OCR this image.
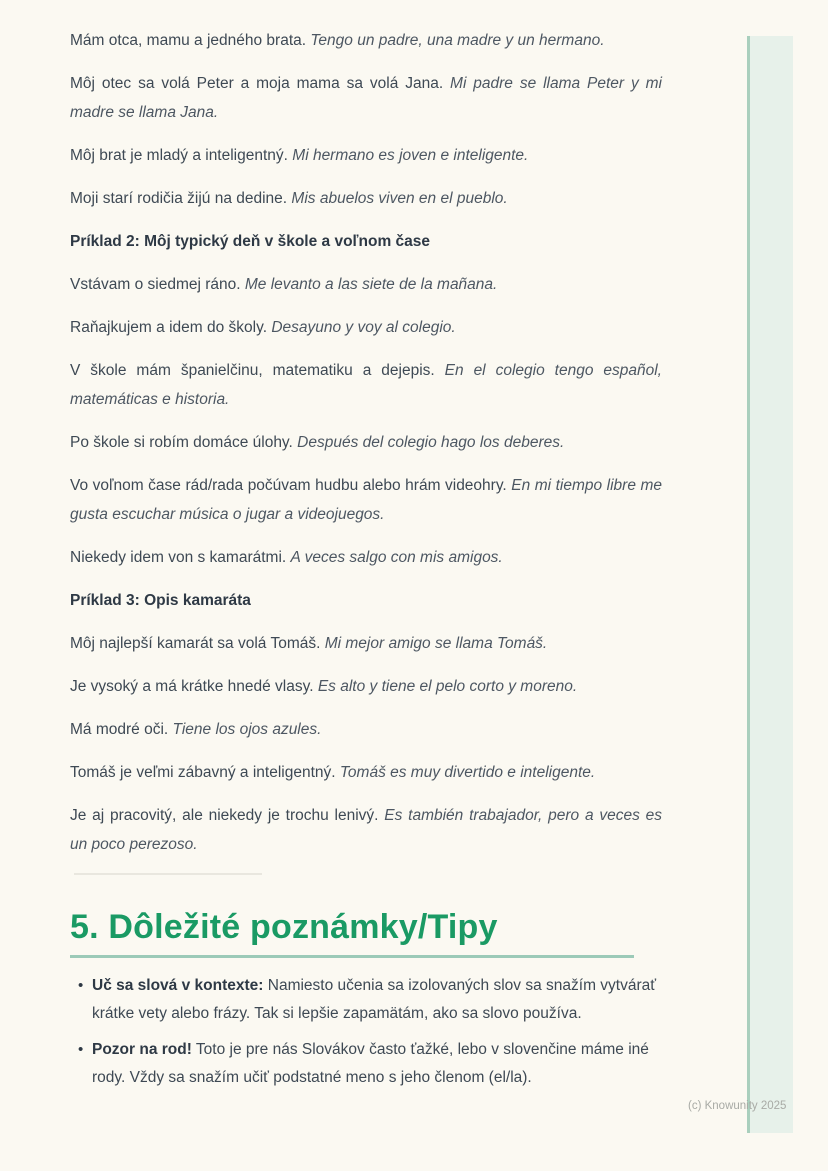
Mám otca, mamu a jedného brata. Tengo un padre, una madre y un hermano.

Môj otec sa volá Peter a moja mama sa volá Jana. Mi padre se llama Peter y mi madre se llama Jana.

Môj brat je mladý a inteligentný. Mi hermano es joven e inteligente.

Moji starí rodičia žijú na dedine. Mis abuelos viven en el pueblo.

Príklad 2: Môj typický deň v škole a voľnom čase

Vstávam o siedmej ráno. Me levanto a las siete de la mañana.

Raňajkujem a idem do školy. Desayuno y voy al colegio.

V škole mám španielčinu, matematiku a dejepis. En el colegio tengo español, matemáticas e historia.

Po škole si robím domáce úlohy. Después del colegio hago los deberes.

Vo voľnom čase rád/rada počúvam hudbu alebo hrám videohry. En mi tiempo libre me gusta escuchar música o jugar a videojuegos.

Niekedy idem von s kamarátmi. A veces salgo con mis amigos.

Príklad 3: Opis kamaráta

Môj najlepší kamarát sa volá Tomáš. Mi mejor amigo se llama Tomáš.

Je vysoký a má krátke hnedé vlasy. Es alto y tiene el pelo corto y moreno.

Má modré oči. Tiene los ojos azules.

Tomáš je veľmi zábavný a inteligentný. Tomáš es muy divertido e inteligente.

Je aj pracovitý, ale niekedy je trochu lenivý. Es también trabajador, pero a veces es un poco perezoso.

5. Dôležité poznámky/Tipy
• Uč sa slová v kontexte: Namiesto učenia sa izolovaných slov sa snažím vytvárať krátke vety alebo frázy. Tak si lepšie zapamätám, ako sa slovo používa.
• Pozor na rod! Toto je pre nás Slovákov často ťažké, lebo v slovenčine máme iné rody. Vždy sa snažím učiť podstatné meno s jeho členom (el/la).
(c) Knowunity 2025
